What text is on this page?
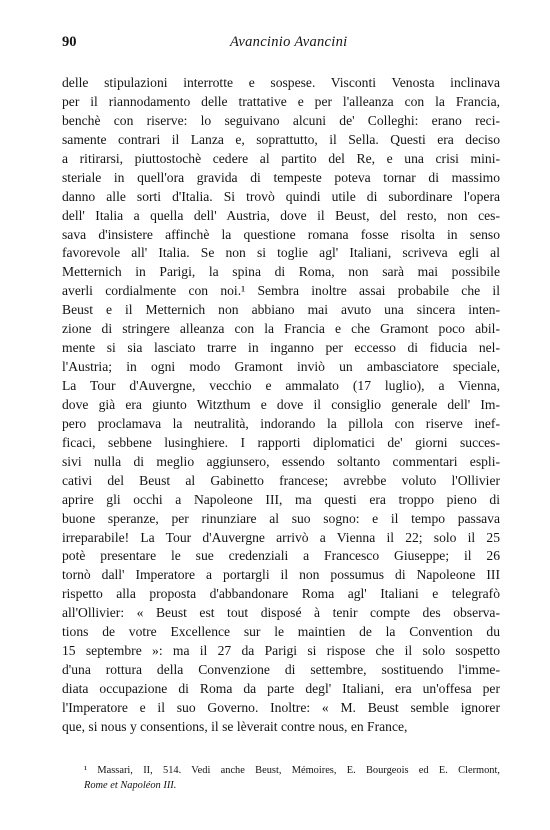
90	Avancinio Avancini
delle stipulazioni interrotte e sospese. Visconti Venosta inclinava
per il riannodamento delle trattative e per l'alleanza con la Francia,
benchè con riserve: lo seguivano alcuni de' Colleghi: erano reci-
samente contrari il Lanza e, soprattutto, il Sella. Questi era deciso
a ritirarsi, piuttostochè cedere al partito del Re, e una crisi mini-
steriale in quell'ora gravida di tempeste poteva tornar di massimo
danno alle sorti d'Italia. Si trovò quindi utile di subordinare l'opera
dell' Italia a quella dell' Austria, dove il Beust, del resto, non ces-
sava d'insistere affinchè la questione romana fosse risolta in senso
favorevole all' Italia. Se non si toglie agl' Italiani, scriveva egli al
Metternich in Parigi, la spina di Roma, non sarà mai possibile
averli cordialmente con noi.¹ Sembra inoltre assai probabile che il
Beust e il Metternich non abbiano mai avuto una sincera inten-
zione di stringere alleanza con la Francia e che Gramont poco abil-
mente si sia lasciato trarre in inganno per eccesso di fiducia nel-
l'Austria; in ogni modo Gramont inviò un ambasciatore speciale,
La Tour d'Auvergne, vecchio e ammalato (17 luglio), a Vienna,
dove già era giunto Witzthum e dove il consiglio generale dell' Im-
pero proclamava la neutralità, indorando la pillola con riserve inef-
ficaci, sebbene lusinghiere. I rapporti diplomatici de' giorni succes-
sivi nulla di meglio aggiunsero, essendo soltanto commentari espli-
cativi del Beust al Gabinetto francese; avrebbe voluto l'Ollivier
aprire gli occhi a Napoleone III, ma questi era troppo pieno di
buone speranze, per rinunziare al suo sogno: e il tempo passava
irreparabile! La Tour d'Auvergne arrivò a Vienna il 22; solo il 25
potè presentare le sue credenziali a Francesco Giuseppe; il 26
tornò dall' Imperatore a portargli il non possumus di Napoleone III
rispetto alla proposta d'abbandonare Roma agl' Italiani e telegrafò
all'Ollivier: « Beust est tout disposé à tenir compte des observa-
tions de votre Excellence sur le maintien de la Convention du
15 septembre »: ma il 27 da Parigi si rispose che il solo sospetto
d'una rottura della Convenzione di settembre, sostituendo l'imme-
diata occupazione di Roma da parte degl' Italiani, era un'offesa per
l'Imperatore e il suo Governo. Inoltre: « M. Beust semble ignorer
que, si nous y consentions, il se lèverait contre nous, en France,
¹ Massari, II, 514. Vedi anche Beust, Mémoires, E. Bourgeois ed E. Clermont,
Rome et Napoléon III.
